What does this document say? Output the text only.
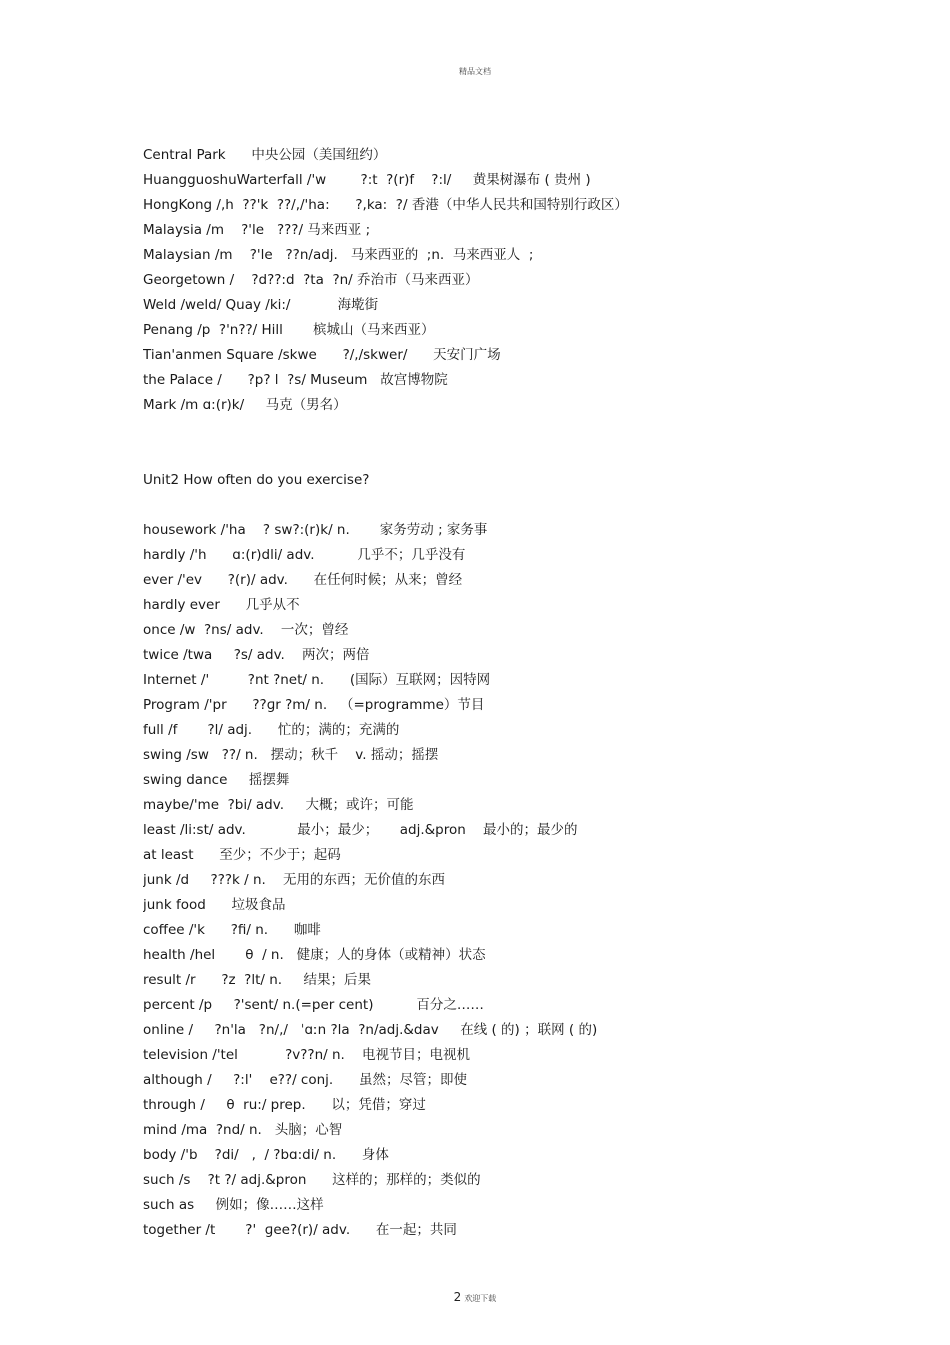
精品文档
Central Park      中央公园（美国纽约）
HuangguoshuWarterfall /'w        ?:t  ?(r)f    ?:l/     黄果树瀑布 ( 贵州 )
HongKong /,h  ??'k  ??/,/'ha:      ?,ka:  ?/ 香港（中华人民共和国特别行政区）
Malaysia /m    ?'le   ???/ 马来西亚 ;
Malaysian /m    ?'le   ??n/adj.   马来西亚的  ;n.  马来西亚人  ;
Georgetown /    ?d??:d  ?ta  ?n/ 乔治市（马来西亚）
Weld /weld/ Quay /ki:/           海墘街
Penang /p  ?'n??/ Hill       槟城山（马来西亚）
Tian'anmen Square /skwe      ?/,/skwer/      天安门广场
the Palace /      ?p? l  ?s/ Museum   故宫博物院
Mark /m ɑ:(r)k/     马克（男名）
Unit2 How often do you exercise?
housework /'ha    ? sw?:(r)k/ n.       家务劳动 ; 家务事
hardly /'h      ɑ:(r)dli/ adv.          几乎不；几乎没有
ever /'ev      ?(r)/ adv.      在任何时候；从来；曾经
hardly ever      几乎从不
once /w  ?ns/ adv.    一次；曾经
twice /twa     ?s/ adv.    两次；两倍
Internet /'         ?nt ?net/ n.      (国际）互联网；因特网
Program /'pr      ??ɡr ?m/ n.   （=programme）节目
full /f       ?l/ adj.      忙的；满的；充满的
swing /sw   ??/ n.   摆动；秋千    v. 摇动；摇摆
swing dance     摇摆舞
maybe/'me  ?bi/ adv.     大概；或许；可能
least /li:st/ adv.            最小；最少；     adj.&pron    最小的；最少的
at least      至少；不少于；起码
junk /d     ???k / n.    无用的东西；无价值的东西
junk food      垃圾食品
coffee /'k      ?fi/ n.      咖啡
health /hel       θ  / n.   健康；人的身体（或精神）状态
result /r      ?z  ?lt/ n.     结果；后果
percent /p     ?'sent/ n.(=per cent)          百分之……
online /     ?n'la   ?n/,/   ˈɑːn ?la  ?n/adj.&dav     在线 ( 的) ；联网 ( 的)
television /'tel           ?v??n/ n.    电视节目；电视机
although /     ?:l'    e??/ conj.      虽然；尽管；即使
through /     θ  ru:/ prep.      以；凭借；穿过
mind /ma  ?nd/ n.   头脑；心智
body /'b    ?di/   ,  / ?bɑ:di/ n.      身体
such /s    ?t ?/ adj.&pron      这样的；那样的；类似的
such as     例如；像……这样
together /t       ?'  ɡee?(r)/ adv.      在一起；共同
2 欢迎下载
